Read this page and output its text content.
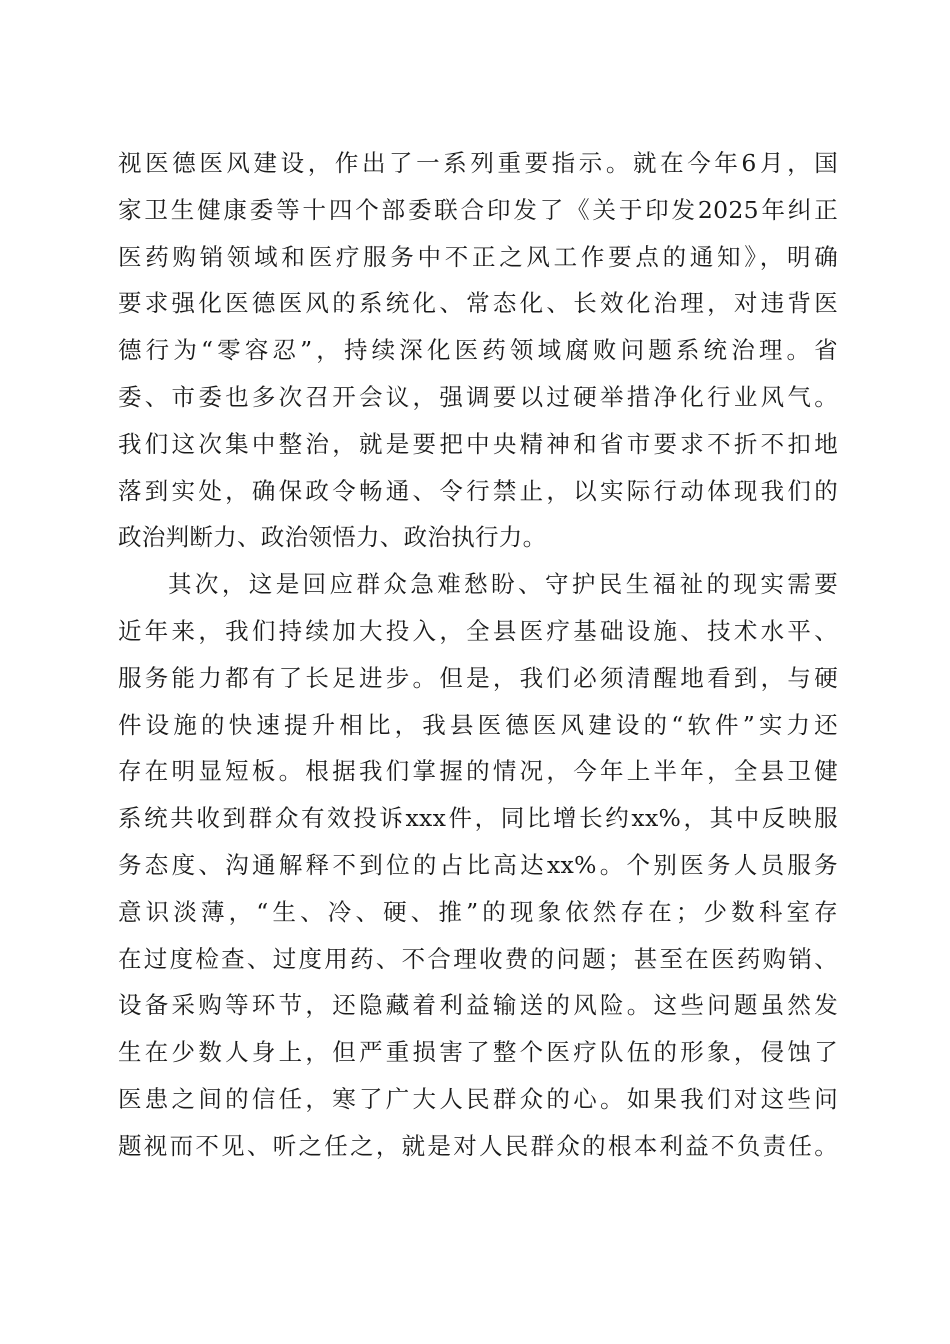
视医德医风建设，作出了一系列重要指示。就在今年6月，国
家卫生健康委等十四个部委联合印发了《关于印发2025年纠正
医药购销领域和医疗服务中不正之风工作要点的通知》，明确
要求强化医德医风的系统化、常态化、长效化治理，对违背医
德行为“零容忍”，持续深化医药领域腐败问题系统治理。省
委、市委也多次召开会议，强调要以过硬举措净化行业风气。
我们这次集中整治，就是要把中央精神和省市要求不折不扣地
落到实处，确保政令畅通、令行禁止，以实际行动体现我们的
政治判断力、政治领悟力、政治执行力。
其次，这是回应群众急难愁盼、守护民生福祉的现实需要
近年来，我们持续加大投入，全县医疗基础设施、技术水平、
服务能力都有了长足进步。但是，我们必须清醒地看到，与硬
件设施的快速提升相比，我县医德医风建设的“软件”实力还
存在明显短板。根据我们掌握的情况，今年上半年，全县卫健
系统共收到群众有效投诉xxx件，同比增长约xx%，其中反映服
务态度、沟通解释不到位的占比高达xx%。个别医务人员服务
意识淡薄，“生、冷、硬、推”的现象依然存在；少数科室存
在过度检查、过度用药、不合理收费的问题；甚至在医药购销、
设备采购等环节，还隐藏着利益输送的风险。这些问题虽然发
生在少数人身上，但严重损害了整个医疗队伍的形象，侵蚀了
医患之间的信任，寒了广大人民群众的心。如果我们对这些问
题视而不见、听之任之，就是对人民群众的根本利益不负责任。
